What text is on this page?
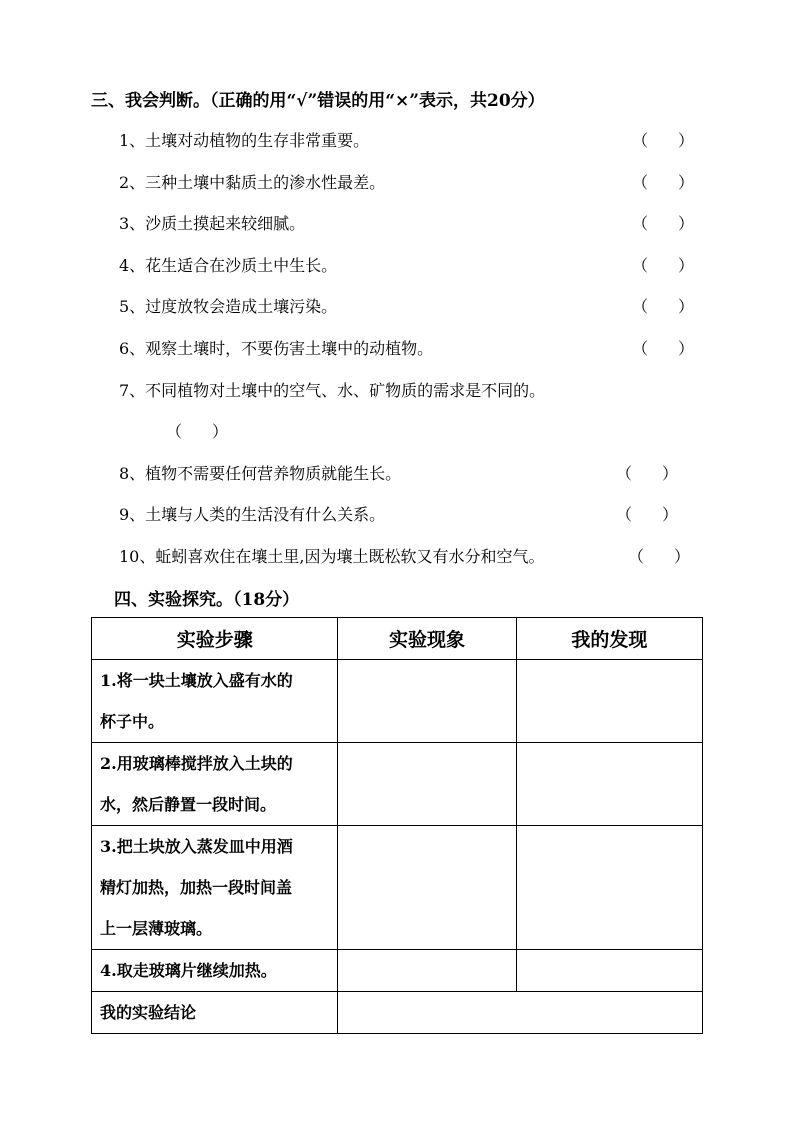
三、我会判断。（正确的用“√”错误的用“×”表示，共20分）
1、土壤对动植物的生存非常重要。	（ ）
2、三种土壤中黏质土的渗水性最差。	（ ）
3、沙质土摸起来较细腻。	（ ）
4、花生适合在沙质土中生长。	（ ）
5、过度放牧会造成土壤污染。	（ ）
6、观察土壤时，不要伤害土壤中的动植物。	（ ）
7、不同植物对土壤中的空气、水、矿物质的需求是不同的。
（ ）
8、植物不需要任何营养物质就能生长。	（ ）
9、土壤与人类的生活没有什么关系。	（ ）
10、蚯蚓喜欢住在壤土里,因为壤土既松软又有水分和空气。	（ ）
四、实验探究。（18分）
实验步骤	实验现象	我的发现

1.将一块土壤放入盛有水的
杯子中。		

2.用玻璃棒搅拌放入土块的
水，然后静置一段时间。		

3.把土块放入蒸发皿中用酒
精灯加热，加热一段时间盖
上一层薄玻璃。		

4.取走玻璃片继续加热。		

我的实验结论		
